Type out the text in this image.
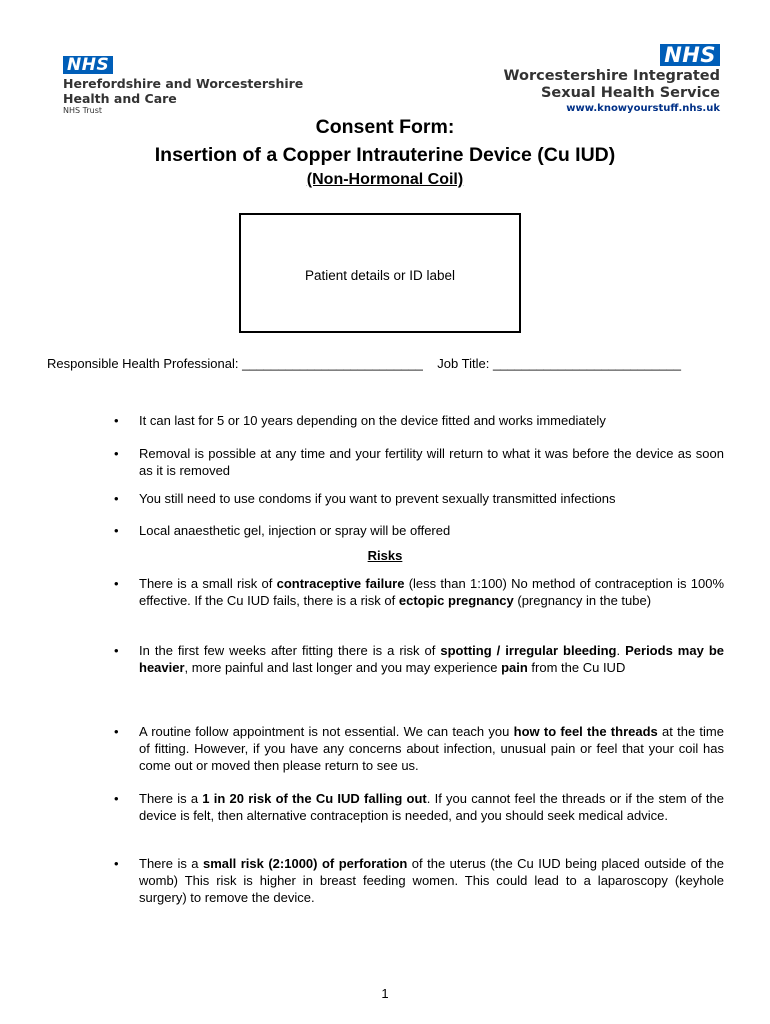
NHS
Herefordshire and Worcestershire
Health and Care
NHS Trust
NHS
Worcestershire Integrated
Sexual Health Service
www.knowyourstuff.nhs.uk
Consent Form:
Insertion of a Copper Intrauterine Device (Cu IUD)
(Non-Hormonal Coil)
Patient details or ID label
Responsible Health Professional: _________________________    Job Title: __________________________
• It can last for 5 or 10 years depending on the device fitted and works immediately
• Removal is possible at any time and your fertility will return to what it was before the device as soon as it is removed
• You still need to use condoms if you want to prevent sexually transmitted infections
• Local anaesthetic gel, injection or spray will be offered
Risks
• There is a small risk of contraceptive failure (less than 1:100) No method of contraception is 100% effective. If the Cu IUD fails, there is a risk of ectopic pregnancy (pregnancy in the tube)
• In the first few weeks after fitting there is a risk of spotting / irregular bleeding. Periods may be heavier, more painful and last longer and you may experience pain from the Cu IUD
• A routine follow appointment is not essential. We can teach you how to feel the threads at the time of fitting. However, if you have any concerns about infection, unusual pain or feel that your coil has come out or moved then please return to see us.
• There is a 1 in 20 risk of the Cu IUD falling out. If you cannot feel the threads or if the stem of the device is felt, then alternative contraception is needed, and you should seek medical advice.
• There is a small risk (2:1000) of perforation of the uterus (the Cu IUD being placed outside of the womb) This risk is higher in breast feeding women. This could lead to a laparoscopy (keyhole surgery) to remove the device.
1
